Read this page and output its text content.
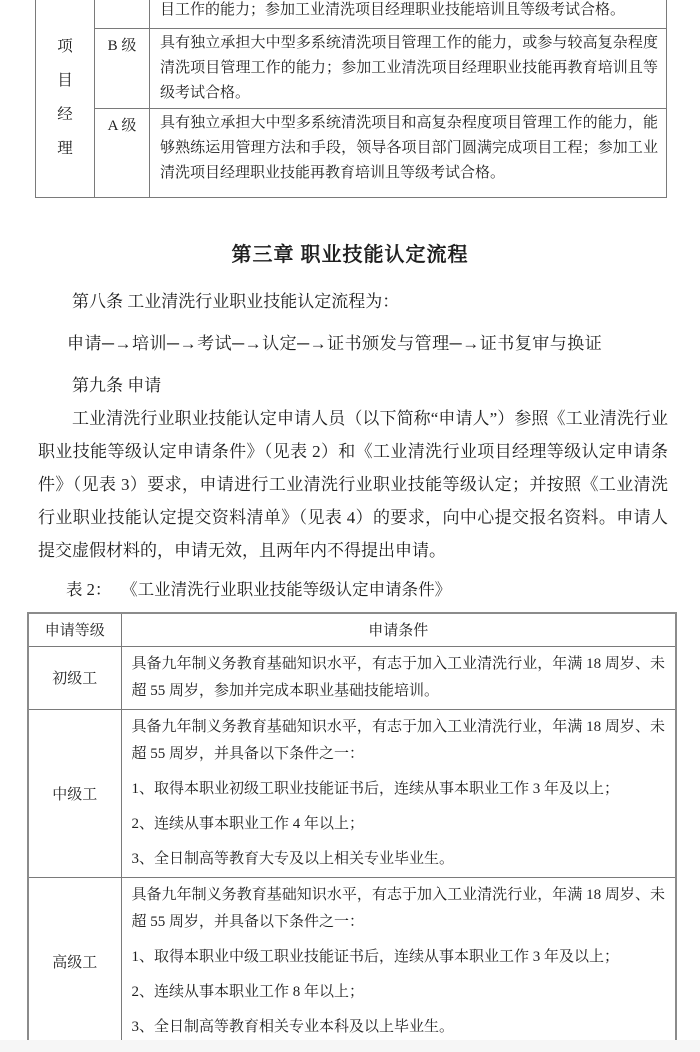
项
目
经
理		目工作的能力；参加工业清洗项目经理职业技能培训且等级考试合格。
	B 级	具有独立承担大中型多系统清洗项目管理工作的能力，或参与较高复杂程度清洗项目管理工作的能力；参加工业清洗项目经理职业技能再教育培训且等级考试合格。
	A 级	具有独立承担大中型多系统清洗项目和高复杂程度项目管理工作的能力，能够熟练运用管理方法和手段，领导各项目部门圆满完成项目工程；参加工业清洗项目经理职业技能再教育培训且等级考试合格。
第三章 职业技能认定流程
第八条 工业清洗行业职业技能认定流程为：
申请─→培训─→考试─→认定─→证书颁发与管理─→证书复审与换证
第九条 申请
工业清洗行业职业技能认定申请人员（以下简称“申请人”）参照《工业清洗行业职业技能等级认定申请条件》（见表 2）和《工业清洗行业项目经理等级认定申请条件》（见表 3）要求，申请进行工业清洗行业职业技能等级认定；并按照《工业清洗行业职业技能认定提交资料清单》（见表 4）的要求，向中心提交报名资料。申请人提交虚假材料的，申请无效，且两年内不得提出申请。
表 2： 《工业清洗行业职业技能等级认定申请条件》
申请等级	申请条件
初级工	具备九年制义务教育基础知识水平，有志于加入工业清洗行业，年满 18 周岁、未超 55 周岁，参加并完成本职业基础技能培训。

中级工	具备九年制义务教育基础知识水平，有志于加入工业清洗行业，年满 18 周岁、未超 55 周岁，并具备以下条件之一：

1、取得本职业初级工职业技能证书后，连续从事本职业工作 3 年及以上；

2、连续从事本职业工作 4 年以上；

3、全日制高等教育大专及以上相关专业毕业生。

高级工	具备九年制义务教育基础知识水平，有志于加入工业清洗行业，年满 18 周岁、未超 55 周岁，并具备以下条件之一：

1、取得本职业中级工职业技能证书后，连续从事本职业工作 3 年及以上；

2、连续从事本职业工作 8 年以上；

3、全日制高等教育相关专业本科及以上毕业生。
